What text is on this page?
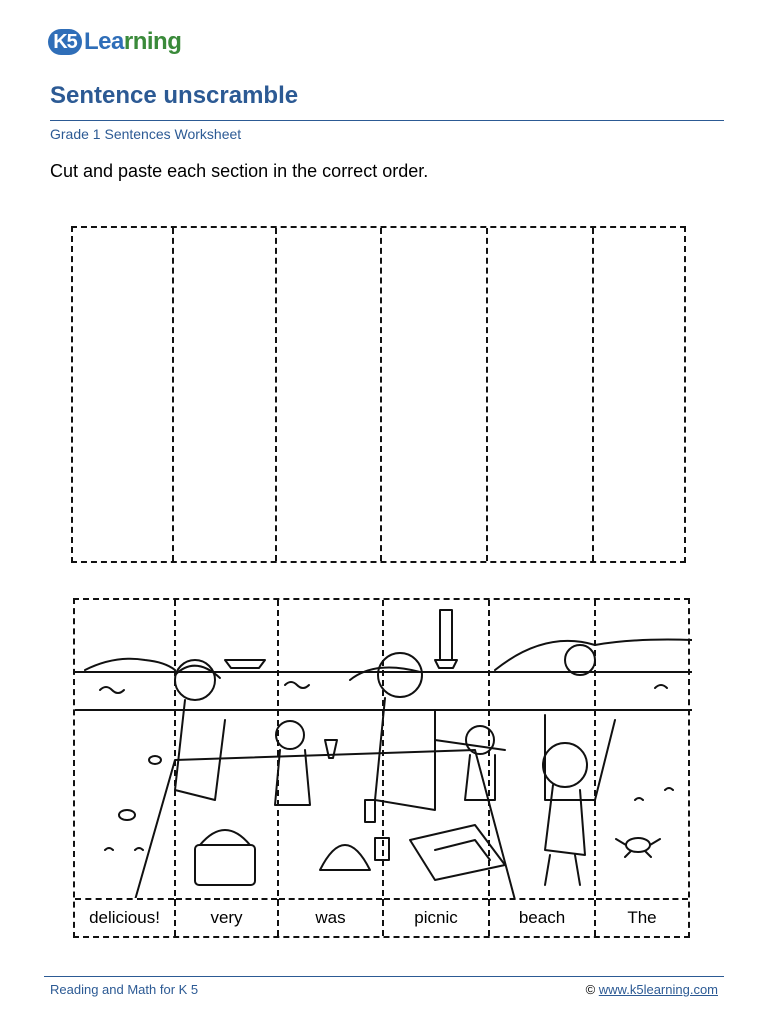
K5 Learning
Sentence unscramble
Grade 1 Sentences Worksheet
Cut and paste each section in the correct order.
delicious!	very	was	picnic	beach	The
Reading and Math for K 5	© www.k5learning.com
